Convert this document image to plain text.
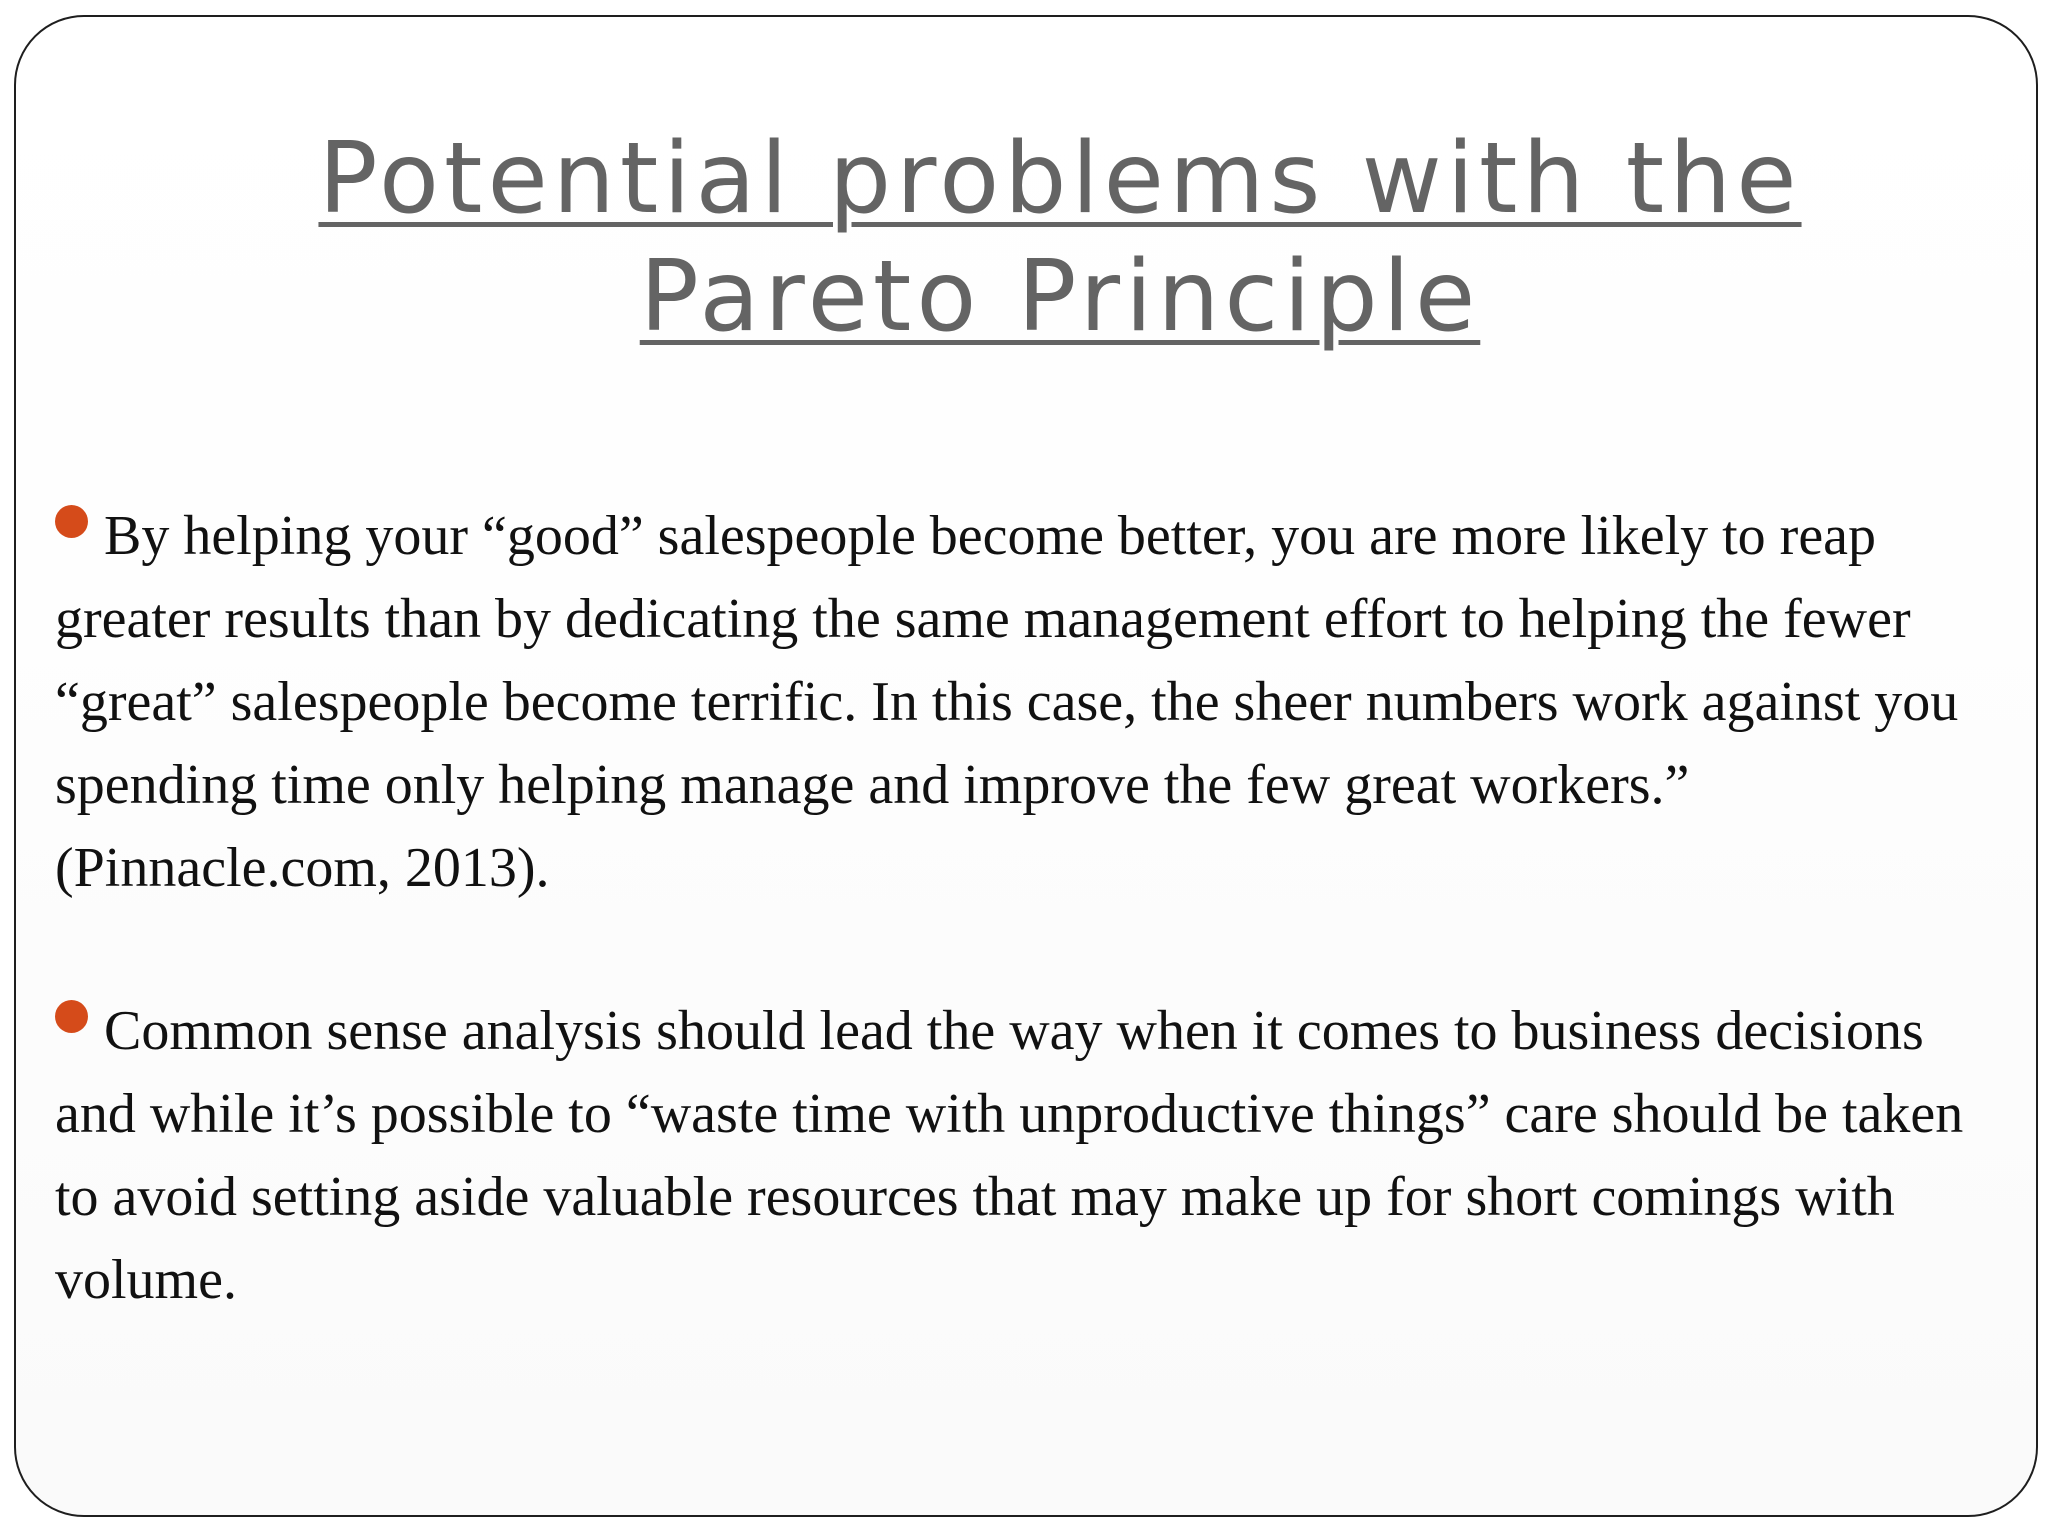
Potential problems with the
Pareto Principle

By helping your “good” salespeople become better, you are more likely to reap greater results than by dedicating the same management effort to helping the fewer “great” salespeople become terrific. In this case, the sheer numbers work against you spending time only helping manage and improve the few great workers.” (Pinnacle.com, 2013).

Common sense analysis should lead the way when it comes to business decisions and while it’s possible to “waste time with unproductive things” care should be taken to avoid setting aside valuable resources that may make up for short comings with volume.
